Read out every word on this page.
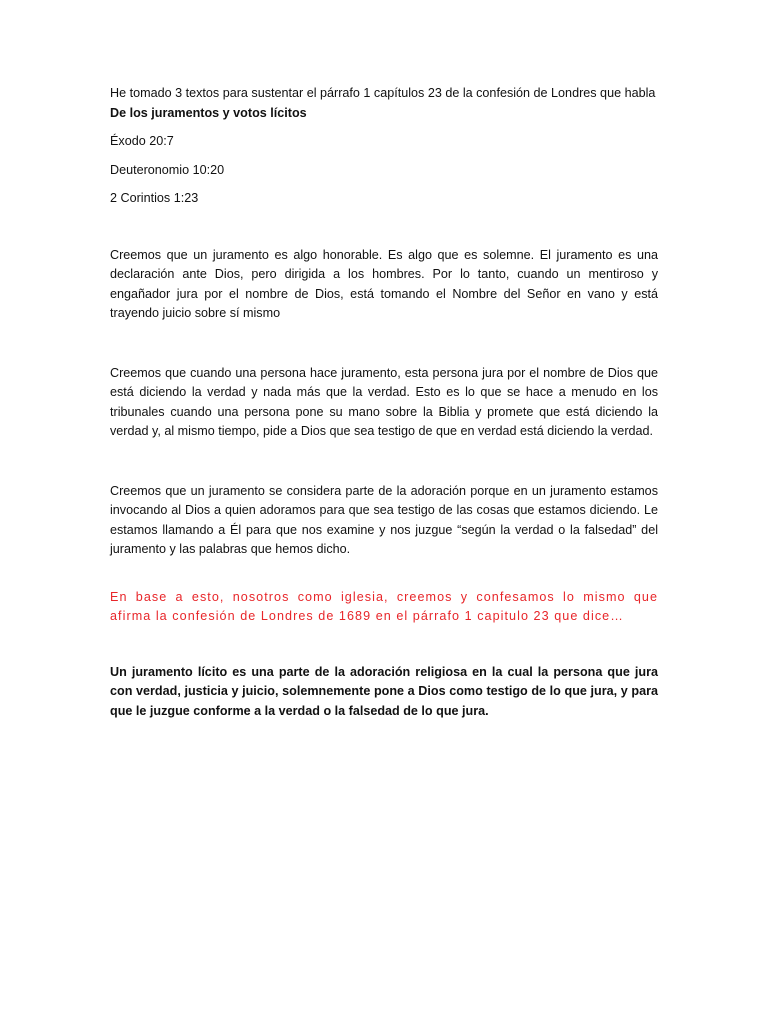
He tomado 3 textos para sustentar el párrafo 1 capítulos 23 de la confesión de Londres que habla De los juramentos y votos lícitos

Éxodo 20:7

Deuteronomio 10:20

2 Corintios 1:23

Creemos que un juramento es algo honorable. Es algo que es solemne. El juramento es una declaración ante Dios, pero dirigida a los hombres. Por lo tanto, cuando un mentiroso y engañador jura por el nombre de Dios, está tomando el Nombre del Señor en vano y está trayendo juicio sobre sí mismo

Creemos que cuando una persona hace juramento, esta persona jura por el nombre de Dios que está diciendo la verdad y nada más que la verdad. Esto es lo que se hace a menudo en los tribunales cuando una persona pone su mano sobre la Biblia y promete que está diciendo la verdad y, al mismo tiempo, pide a Dios que sea testigo de que en verdad está diciendo la verdad.

Creemos que un juramento se considera parte de la adoración porque en un juramento estamos invocando al Dios a quien adoramos para que sea testigo de las cosas que estamos diciendo. Le estamos llamando a Él para que nos examine y nos juzgue “según la verdad o la falsedad” del juramento y las palabras que hemos dicho.

En base a esto, nosotros como iglesia, creemos y confesamos lo mismo que afirma la confesión de Londres de 1689 en el párrafo 1 capitulo 23 que dice…

Un juramento lícito es una parte de la adoración religiosa en la cual la persona que jura con verdad, justicia y juicio, solemnemente pone a Dios como testigo de lo que jura, y para que le juzgue conforme a la verdad o la falsedad de lo que jura.
